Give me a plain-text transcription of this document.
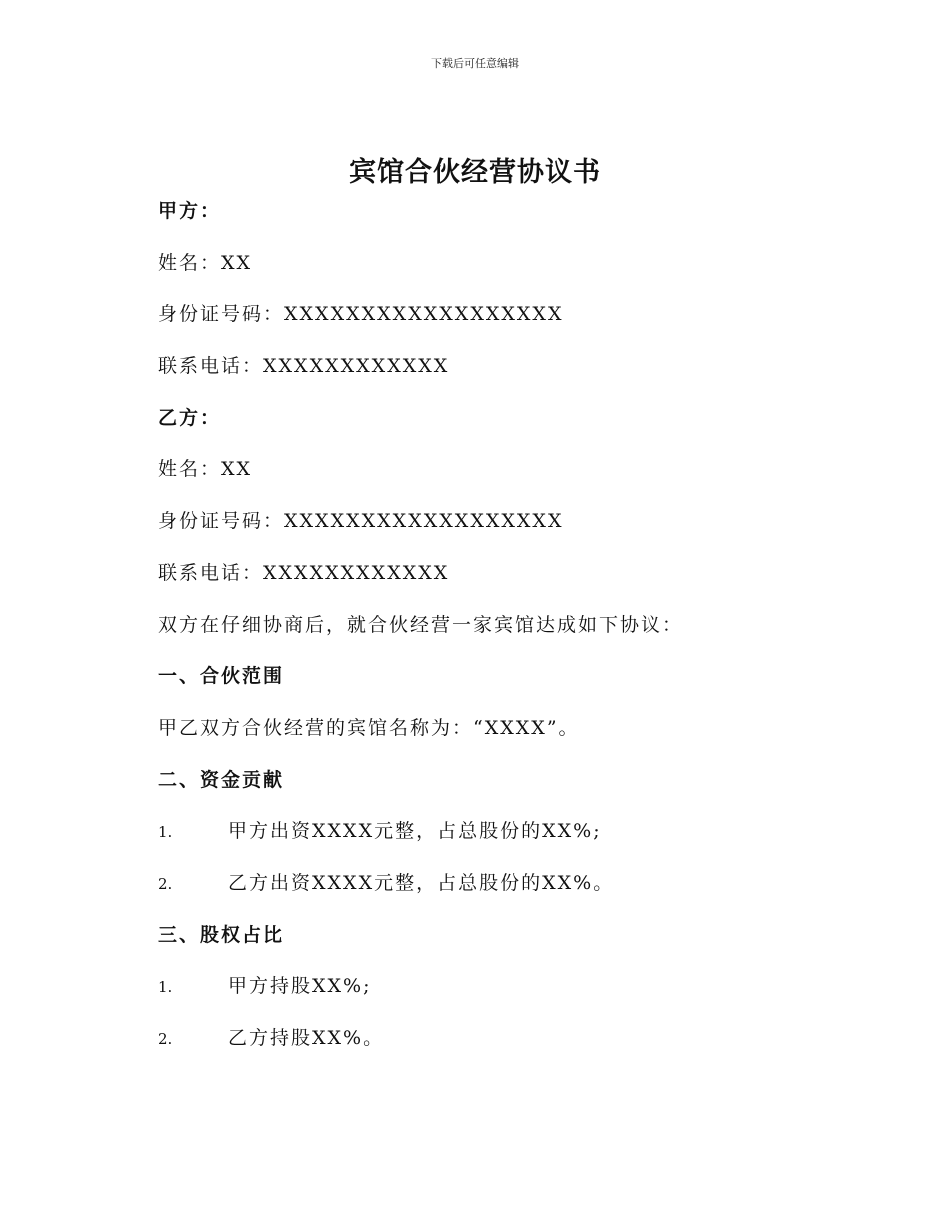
下载后可任意编辑
宾馆合伙经营协议书
甲方：
姓名：XX
身份证号码：XXXXXXXXXXXXXXXXXX
联系电话：XXXXXXXXXXXX
乙方：
姓名：XX
身份证号码：XXXXXXXXXXXXXXXXXX
联系电话：XXXXXXXXXXXX
双方在仔细协商后，就合伙经营一家宾馆达成如下协议：
一、合伙范围
甲乙双方合伙经营的宾馆名称为：“XXXX”。
二、资金贡献
1.	甲方出资XXXX元整，占总股份的XX%;
2.	乙方出资XXXX元整，占总股份的XX%。
三、股权占比
1.	甲方持股XX%;
2.	乙方持股XX%。
